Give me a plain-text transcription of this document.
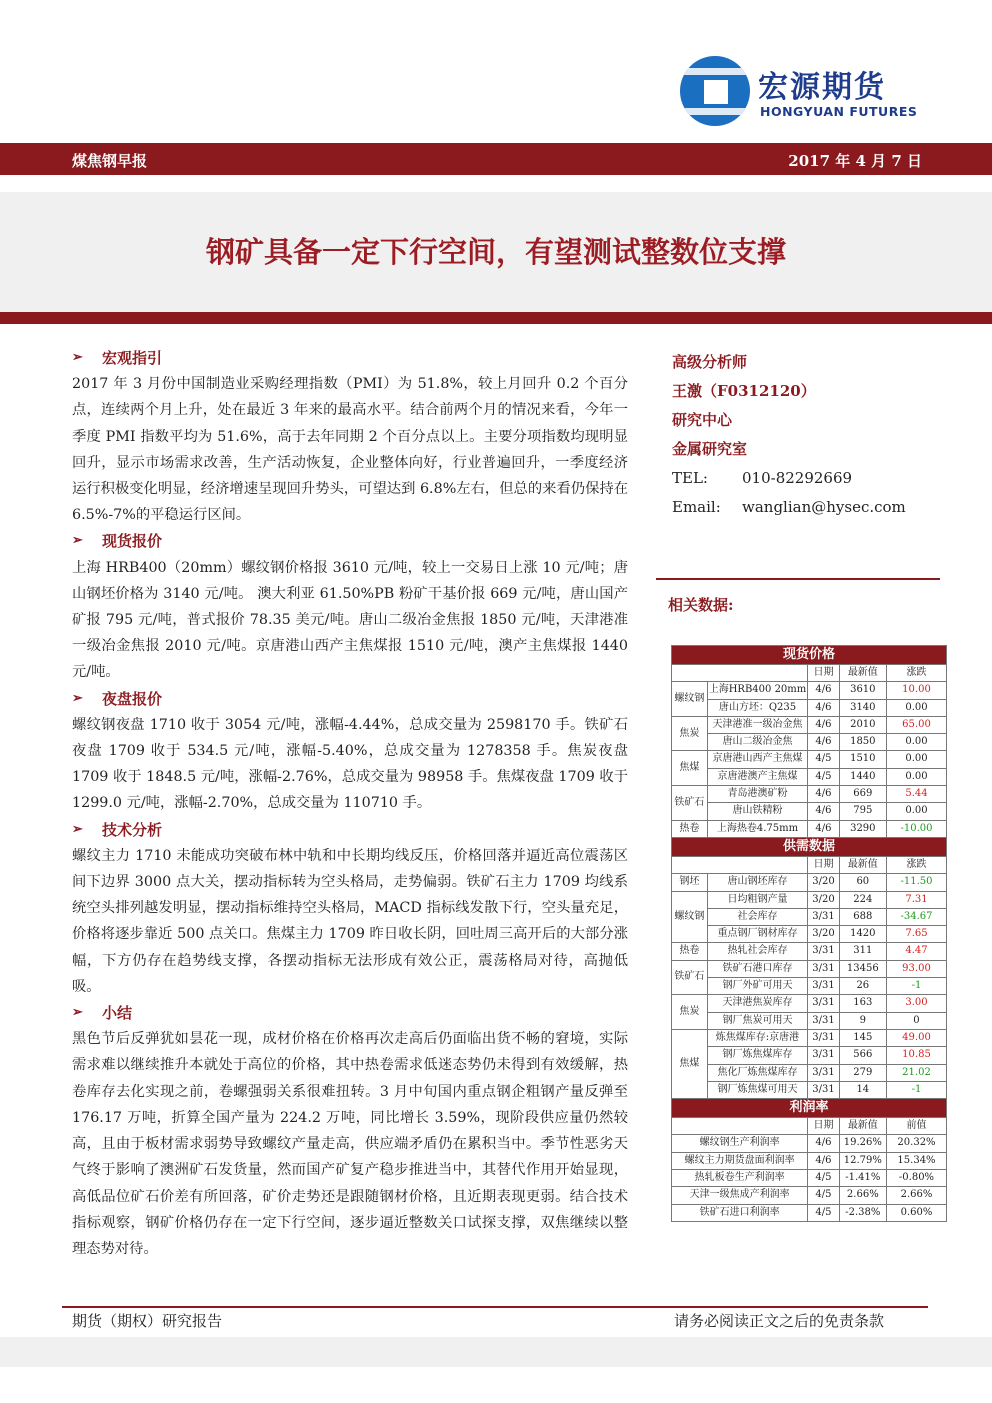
宏源期货
HONGYUAN FUTURES
煤焦钢早报	2017 年 4 月 7 日
钢矿具备一定下行空间，有望测试整数位支撑
➢	宏观指引

2017 年 3 月份中国制造业采购经理指数（PMI）为 51.8%，较上月回升 0.2 个百分点，连续两个月上升，处在最近 3 年来的最高水平。结合前两个月的情况来看，今年一季度 PMI 指数平均为 51.6%，高于去年同期 2 个百分点以上。主要分项指数均现明显回升，显示市场需求改善，生产活动恢复，企业整体向好，行业普遍回升，一季度经济运行积极变化明显，经济增速呈现回升势头，可望达到 6.8%左右，但总的来看仍保持在 6.5%-7%的平稳运行区间。

➢	现货报价

上海 HRB400（20mm）螺纹钢价格报 3610 元/吨，较上一交易日上涨 10 元/吨；唐山钢坯价格为 3140 元/吨。 澳大利亚 61.50%PB 粉矿干基价报 669 元/吨，唐山国产矿报 795 元/吨，普式报价 78.35 美元/吨。唐山二级冶金焦报 1850 元/吨，天津港准一级冶金焦报 2010 元/吨。京唐港山西产主焦煤报 1510 元/吨，澳产主焦煤报 1440 元/吨。

➢	夜盘报价

螺纹钢夜盘 1710 收于 3054 元/吨，涨幅-4.44%，总成交量为 2598170 手。铁矿石夜盘 1709 收于 534.5 元/吨，涨幅-5.40%，总成交量为 1278358 手。焦炭夜盘 1709 收于 1848.5 元/吨，涨幅-2.76%，总成交量为 98958 手。焦煤夜盘 1709 收于 1299.0 元/吨，涨幅-2.70%，总成交量为 110710 手。

➢	技术分析

螺纹主力 1710 未能成功突破布林中轨和中长期均线反压，价格回落并逼近高位震荡区间下边界 3000 点大关，摆动指标转为空头格局，走势偏弱。铁矿石主力 1709 均线系统空头排列越发明显，摆动指标维持空头格局，MACD 指标线发散下行，空头量充足，价格将逐步靠近 500 点关口。焦煤主力 1709 昨日收长阴，回吐周三高开后的大部分涨幅，下方仍存在趋势线支撑，各摆动指标无法形成有效公正，震荡格局对待，高抛低吸。

➢	小结

黑色节后反弹犹如昙花一现，成材价格在价格再次走高后仍面临出货不畅的窘境，实际需求难以继续推升本就处于高位的价格，其中热卷需求低迷态势仍未得到有效缓解，热卷库存去化实现之前，卷螺强弱关系很难扭转。3 月中旬国内重点钢企粗钢产量反弹至 176.17 万吨，折算全国产量为 224.2 万吨，同比增长 3.59%，现阶段供应量仍然较高，且由于板材需求弱势导致螺纹产量走高，供应端矛盾仍在累积当中。季节性恶劣天气终于影响了澳洲矿石发货量，然而国产矿复产稳步推进当中，其替代作用开始显现，高低品位矿石价差有所回落，矿价走势还是跟随钢材价格，且近期表现更弱。结合技术指标观察，钢矿价格仍存在一定下行空间，逐步逼近整数关口试探支撑，双焦继续以整理态势对待。

高级分析师
王激（F0312120）
研究中心
金属研究室
TEL:	010-82292669
Email:	wanglian@hysec.com
相关数据:
现货价格				
		日期	最新值	涨跌
螺纹钢	上海HRB400 20mm	4/6	3610	10.00
	唐山方坯：Q235	4/6	3140	0.00
焦炭	天津港准一级冶金焦	4/6	2010	65.00
	唐山二级冶金焦	4/6	1850	0.00
焦煤	京唐港山西产主焦煤	4/5	1510	0.00
	京唐港澳产主焦煤	4/5	1440	0.00
铁矿石	青岛港澳矿粉	4/6	669	5.44
	唐山铁精粉	4/6	795	0.00
热卷	上海热卷4.75mm	4/6	3290	-10.00
供需数据				
		日期	最新值	涨跌
钢坯	唐山钢坯库存	3/20	60	-11.50
螺纹钢	日均粗钢产量	3/20	224	7.31
	社会库存	3/31	688	-34.67
	重点钢厂钢材库存	3/20	1420	7.65
热卷	热轧社会库存	3/31	311	4.47
铁矿石	铁矿石港口库存	3/31	13456	93.00
	钢厂外矿可用天	3/31	26	-1
焦炭	天津港焦炭库存	3/31	163	3.00
	钢厂焦炭可用天	3/31	9	0
焦煤	炼焦煤库存:京唐港	3/31	145	49.00
	钢厂炼焦煤库存	3/31	566	10.85
	焦化厂炼焦煤库存	3/31	279	21.02
	钢厂炼焦煤可用天	3/31	14	-1
利润率				
		日期	最新值	前值
螺纹钢生产利润率		4/6	19.26%	20.32%
螺纹主力期货盘面利润率		4/6	12.79%	15.34%
热轧板卷生产利润率		4/5	-1.41%	-0.80%
天津一级焦成产利润率		4/5	2.66%	2.66%
铁矿石进口利润率		4/5	-2.38%	0.60%
期货（期权）研究报告	请务必阅读正文之后的免责条款
